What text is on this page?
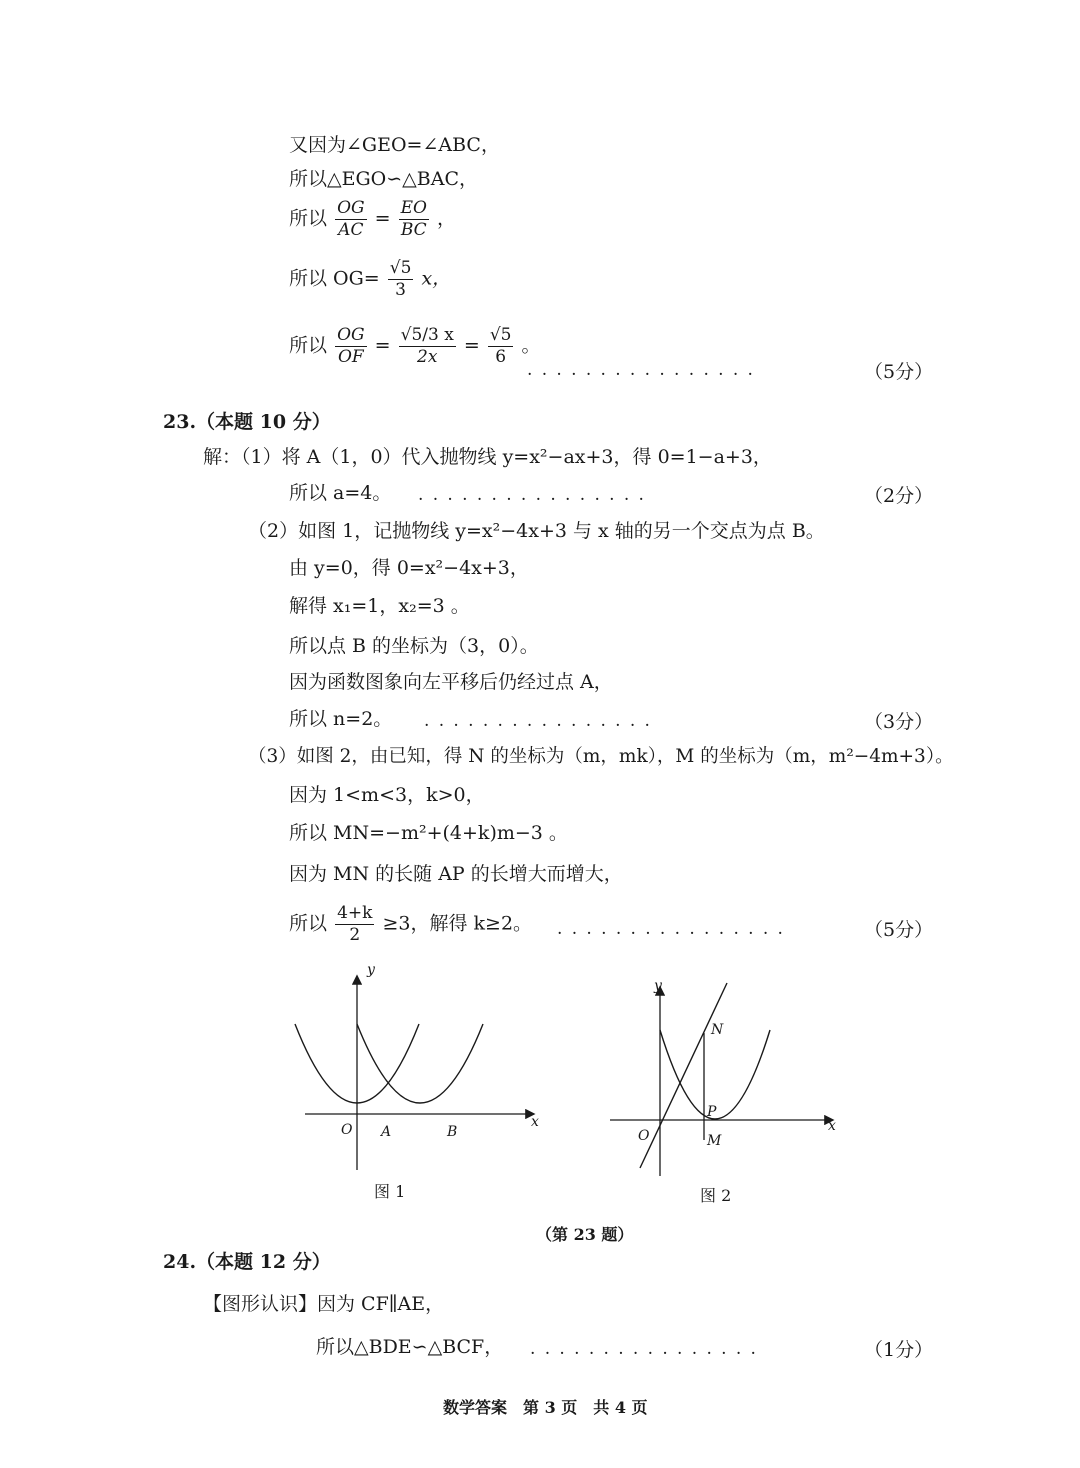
又因为∠GEO=∠ABC，
所以△EGO∽△BAC，
所以 $\frac{OG}{AC} = \frac{EO}{BC}$ ，
所以 $OG= \frac{√5}{3}$ x，
所以 $\frac{OG}{OF} = \frac{√5/3 x}{2x} = \frac{√5}{6}$ 。
................	（5分）
23.（本题 10 分）
解：（1）将 A（1，0）代入抛物线 y=x²−ax+3，得 0=1−a+3，
所以 a=4。 ................	（2分）
（2）如图 1，记抛物线 y=x²−4x+3 与 x 轴的另一个交点为点 B。
由 y=0，得 0=x²−4x+3，
解得 x₁=1，x₂=3 。
所以点 B 的坐标为（3，0）。
因为函数图象向左平移后仍经过点 A，
所以 n=2。 ................	（3分）
（3）如图 2，由已知，得 N 的坐标为（m，mk），M 的坐标为（m，m²−4m+3）。
因为 1<m<3，k>0，
所以 MN=−m²+(4+k)m−3 。
因为 MN 的长随 AP 的长增大而增大，
所以 $\frac{4+k}{2} \ge 3$，解得 k≥2。 ................	（5分）
y
x
O A	B
图 1
y
x
O
N
P
M
图 2
（第 23 题）
24.（本题 12 分）
【图形认识】因为 CF∥AE，
所以△BDE∽△BCF， ................	（1分）
数学答案　第 3 页　共 4 页
